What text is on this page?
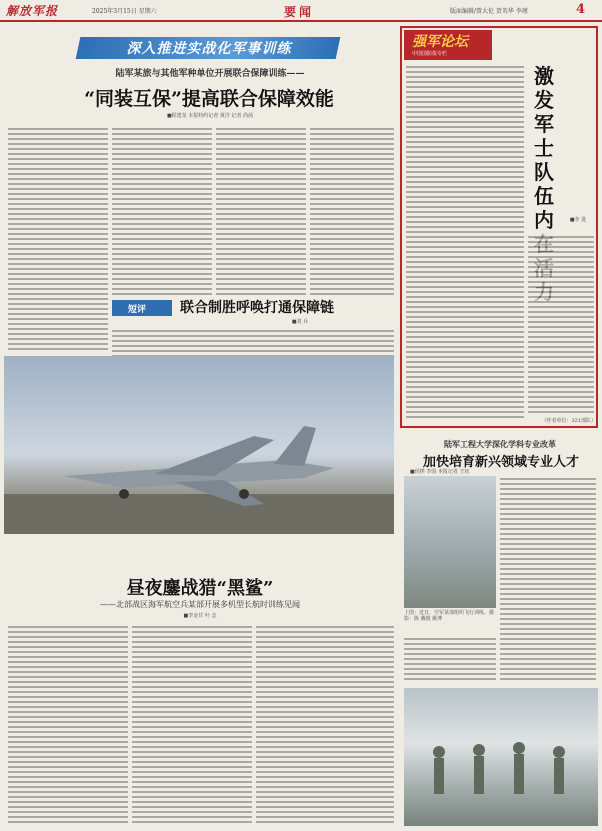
解放军报	2025年3月15日 星期六	要闻	版面编辑/曾大伦 贺英华 李瑾	4
深入推进实战化军事训练
陆军某旅与其他军种单位开展联合保障训练——
“同装互保”提高联合保障效能
■程建龙 本报特约记者 黄洋 记者 尚茜
短评 联合制胜呼唤打通保障链
■刘 兵
昼夜鏖战猎“黑鲨”
——北部战区海军航空兵某部开展多机型长航时训练见闻
■李金甘 叶 志
强军论坛
中国国防报专栏
激发军士队伍内	■李 进
（作者单位：321部队）
陆军工程大学深化学科专业改革
加快培育新兴领域专业人才
■侯桦 李国 本报记者 王钰
上图：近日，空军某部组织飞行训练。摄影：陈 戴俊 姚博
